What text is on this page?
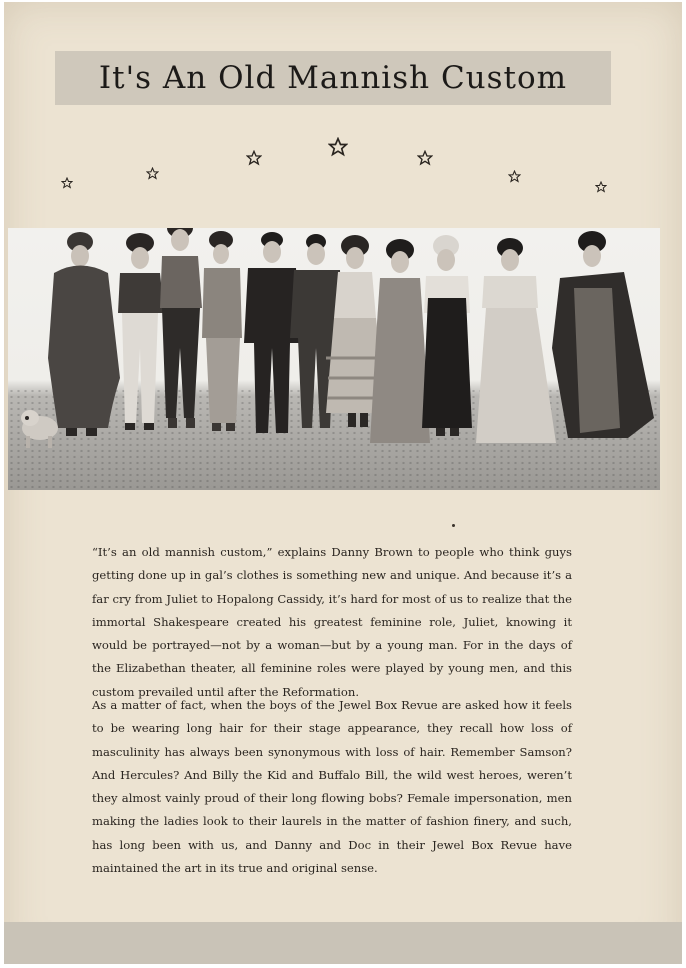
It's An Old Mannish Custom

“It’s an old mannish custom,” explains Danny Brown to people who think guys getting done up in gal’s clothes is something new and unique. And because it’s a far cry from Juliet to Hopalong Cassidy, it’s hard for most of us to realize that the immortal Shakespeare created his greatest feminine role, Juliet, knowing it would be portrayed—not by a woman—but by a young man. For in the days of the Elizabethan theater, all feminine roles were played by young men, and this custom prevailed until after the Reformation.

As a matter of fact, when the boys of the Jewel Box Revue are asked how it feels to be wearing long hair for their stage appearance, they recall how loss of masculinity has always been synonymous with loss of hair. Remember Samson? And Hercules? And Billy the Kid and Buffalo Bill, the wild west heroes, weren’t they almost vainly proud of their long flowing bobs? Female impersonation, men making the ladies look to their laurels in the matter of fashion finery, and such, has long been with us, and Danny and Doc in their Jewel Box Revue have maintained the art in its true and original sense.
